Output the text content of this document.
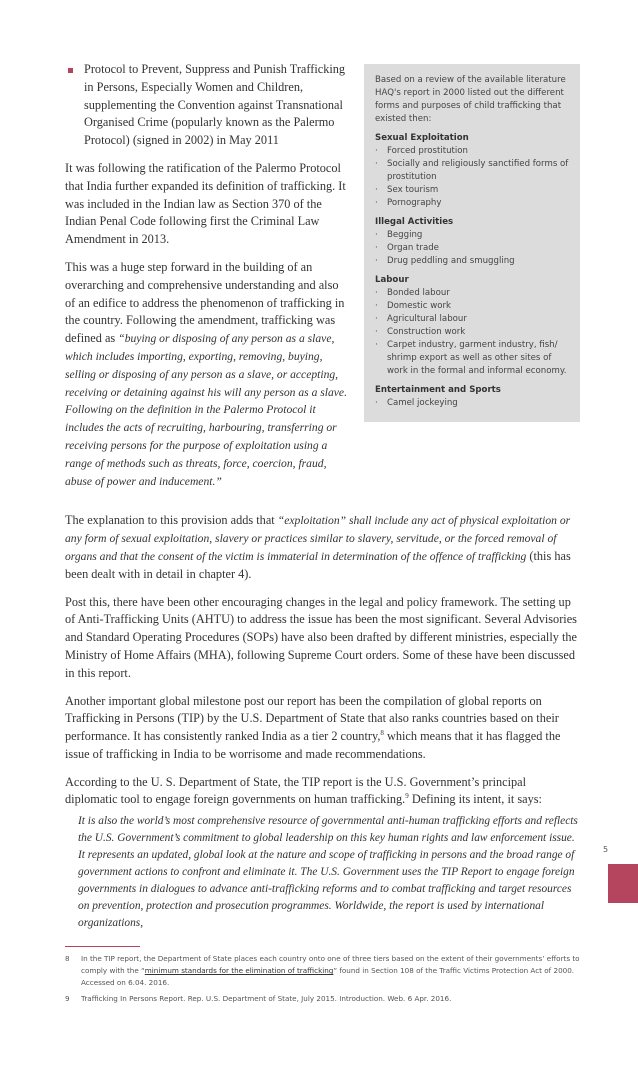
Protocol to Prevent, Suppress and Punish Trafficking in Persons, Especially Women and Children, supplementing the Convention against Transnational Organised Crime (popularly known as the Palermo Protocol) (signed in 2002) in May 2011

It was following the ratification of the Palermo Protocol that India further expanded its definition of trafficking. It was included in the Indian law as Section 370 of the Indian Penal Code following first the Criminal Law Amendment in 2013.

This was a huge step forward in the building of an overarching and comprehensive understanding and also of an edifice to address the phenomenon of trafficking in the country. Following the amendment, trafficking was defined as “buying or disposing of any person as a slave, which includes importing, exporting, removing, buying, selling or disposing of any person as a slave, or accepting, receiving or detaining against his will any person as a slave. Following on the definition in the Palermo Protocol it includes the acts of recruiting, harbouring, transferring or receiving persons for the purpose of exploitation using a range of methods such as threats, force, coercion, fraud, abuse of power and inducement.”

Based on a review of the available literature HAQ's report in 2000 listed out the different forms and purposes of child trafficking that existed then:

Sexual Exploitation
· Forced prostitution
· Socially and religiously sanctified forms of prostitution
· Sex tourism
· Pornography
Illegal Activities
· Begging
· Organ trade
· Drug peddling and smuggling
Labour
· Bonded labour
· Domestic work
· Agricultural labour
· Construction work
· Carpet industry, garment industry, fish/ shrimp export as well as other sites of work in the formal and informal economy.
Entertainment and Sports
· Camel jockeying

The explanation to this provision adds that “exploitation” shall include any act of physical exploitation or any form of sexual exploitation, slavery or practices similar to slavery, servitude, or the forced removal of organs and that the consent of the victim is immaterial in determination of the offence of trafficking (this has been dealt with in detail in chapter 4).

Post this, there have been other encouraging changes in the legal and policy framework. The setting up of Anti-Trafficking Units (AHTU) to address the issue has been the most significant. Several Advisories and Standard Operating Procedures (SOPs) have also been drafted by different ministries, especially the Ministry of Home Affairs (MHA), following Supreme Court orders. Some of these have been discussed in this report.

Another important global milestone post our report has been the compilation of global reports on Trafficking in Persons (TIP) by the U.S. Department of State that also ranks countries based on their performance. It has consistently ranked India as a tier 2 country,$^8$ which means that it has flagged the issue of trafficking in India to be worrisome and made recommendations.

According to the U. S. Department of State, the TIP report is the U.S. Government’s principal diplomatic tool to engage foreign governments on human trafficking.$^9$ Defining its intent, it says:

It is also the world’s most comprehensive resource of governmental anti-human trafficking efforts and reflects the U.S. Government’s commitment to global leadership on this key human rights and law enforcement issue. It represents an updated, global look at the nature and scope of trafficking in persons and the broad range of government actions to confront and eliminate it. The U.S. Government uses the TIP Report to engage foreign governments in dialogues to advance anti-trafficking reforms and to combat trafficking and target resources on prevention, protection and prosecution programmes. Worldwide, the report is used by international organizations,

8 In the TIP report, the Department of State places each country onto one of three tiers based on the extent of their governments’ efforts to comply with the “minimum standards for the elimination of trafficking” found in Section 108 of the Traffic Victims Protection Act of 2000. Accessed on 6.04. 2016.
9 Trafficking In Persons Report. Rep. U.S. Department of State, July 2015. Introduction. Web. 6 Apr. 2016.
5
